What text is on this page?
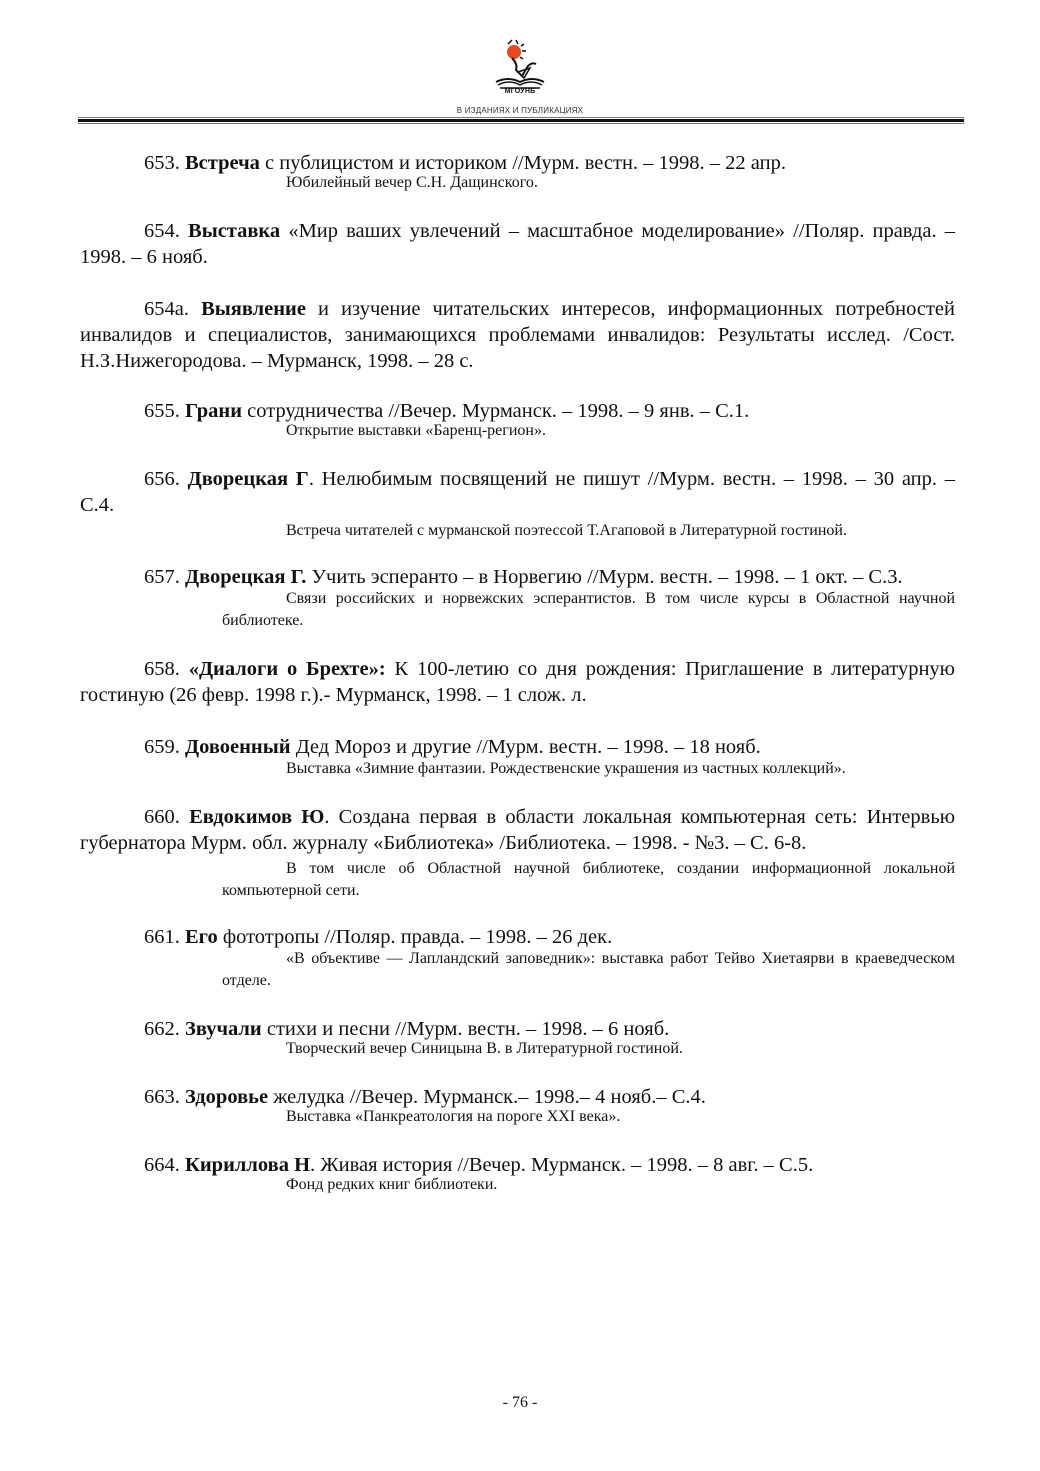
МГОУНБ
В ИЗДАНИЯХ И ПУБЛИКАЦИЯХ

653. Встреча с публицистом и историком //Мурм. вестн. – 1998. – 22 апр.

Юбилейный вечер С.Н. Дащинского.

654. Выставка «Мир ваших увлечений – масштабное моделирование» //Поляр. правда. – 1998. – 6 нояб.

654а. Выявление и изучение читательских интересов, информационных потребностей инвалидов и специалистов, занимающихся проблемами инвалидов: Результаты исслед. /Сост. Н.З.Нижегородова. – Мурманск, 1998. – 28 с.

655. Грани сотрудничества //Вечер. Мурманск. – 1998. – 9 янв. – С.1.

Открытие выставки «Баренц-регион».

656. Дворецкая Г. Нелюбимым посвящений не пишут //Мурм. вестн. – 1998. – 30 апр. – С.4.

Встреча читателей с мурманской поэтессой Т.Агаповой в Литературной гостиной.

657. Дворецкая Г. Учить эсперанто – в Норвегию //Мурм. вестн. – 1998. – 1 окт. – С.3.

Связи российских и норвежских эсперантистов. В том числе курсы в Областной научной библиотеке.

658. «Диалоги о Брехте»: К 100-летию со дня рождения: Приглашение в литературную гостиную (26 февр. 1998 г.).- Мурманск, 1998. – 1 слож. л.

659. Довоенный Дед Мороз и другие //Мурм. вестн. – 1998. – 18 нояб.

Выставка «Зимние фантазии. Рождественские украшения из частных коллекций».

660. Евдокимов Ю. Создана первая в области локальная компьютерная сеть: Интервью губернатора Мурм. обл. журналу «Библиотека» /Библиотека. – 1998. - №3. – С. 6-8.

В том числе об Областной научной библиотеке, создании информационной локальной компьютерной сети.

661. Его фототропы //Поляр. правда. – 1998. – 26 дек.

«В объективе — Лапландский заповедник»: выставка работ Тейво Хиетаярви в краеведческом отделе.

662. Звучали стихи и песни //Мурм. вестн. – 1998. – 6 нояб.

Творческий вечер Синицына В. в Литературной гостиной.

663. Здоровье желудка //Вечер. Мурманск.– 1998.– 4 нояб.– С.4.

Выставка «Панкреатология на пороге XXI века».

664. Кириллова Н. Живая история //Вечер. Мурманск. – 1998. – 8 авг. – С.5.

Фонд редких книг библиотеки.

- 76 -
